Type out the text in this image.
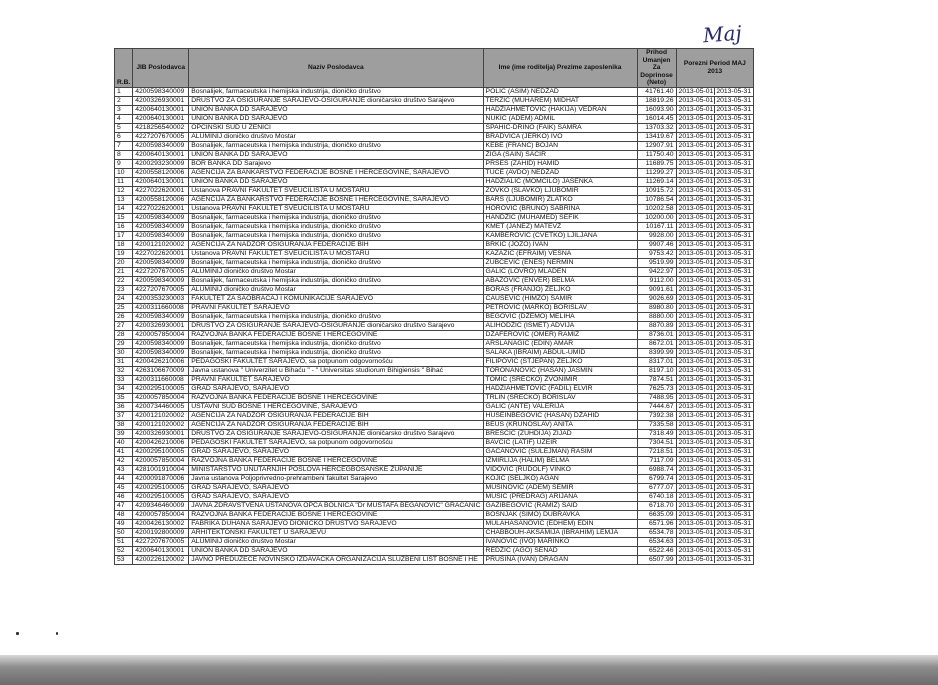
Maj
R.B.	JIB Poslodavca	Naziv Poslodavca	Ime (ime roditelja) Prezime zaposlenika	Prihod Umanjen Za Doprinose (Neto)	Porezni Period MAJ 2013
1	4200598340009	Bosnalijek, farmaceutska i hemijska industrija, dioničko društvo	POLIĆ (ASIM) NEDŽAD	41761.40	2013-05-01 2013-05-31
2	4200326930001	DRUŠTVO ZA OSIGURANJE SARAJEVO-OSIGURANJE dioničarsko društvo Sarajevo	TERZIĆ (MUHAREM) MIDHAT	18819.26	2013-05-01 2013-05-31
3	4200640130001	UNION BANKA DD SARAJEVO	HADŽIAHMETOVIĆ (HAKIJA) VEDRAN	16093.90	2013-05-01 2013-05-31
4	4200640130001	UNION BANKA DD SARAJEVO	NUKIĆ (ADEM) ADMIL	16014.45	2013-05-01 2013-05-31
5	4218256540002	OPĆINSKI SUD U ZENICI	SPAHIĆ-DRINO (FAIK) SAMRA	13703.32	2013-05-01 2013-05-31
6	4227207670005	ALUMINIJ dioničko društvo Mostar	BRADVICA (JERKO) IVO	13419.67	2013-05-01 2013-05-31
7	4200598340009	Bosnalijek, farmaceutska i hemijska industrija, dioničko društvo	KEBE (FRANC) BOJAN	12907.91	2013-05-01 2013-05-31
8	4200640130001	UNION BANKA DD SARAJEVO	ŽIGA (ŠAIN) ŠAĆIR	11750.40	2013-05-01 2013-05-31
9	4200293230009	BOR BANKA DD Sarajevo	PRŠEŠ (ZAHID) HAMID	11689.75	2013-05-01 2013-05-31
10	4200558120006	AGENCIJA ZA BANKARSTVO FEDERACIJE BOSNE I HERCEGOVINE, SARAJEVO	TUCE (AVDO) NEDŽAD	11299.27	2013-05-01 2013-05-31
11	4200640130001	UNION BANKA DD SARAJEVO	HADŽIALIĆ (MOMČILO) JASENKA	11269.14	2013-05-01 2013-05-31
12	4227022620001	Ustanova PRAVNI FAKULTET SVEUČILIŠTA U MOSTARU	ZOVKO (SLAVKO) LJUBOMIR	10915.72	2013-05-01 2013-05-31
13	4200558120006	AGENCIJA ZA BANKARSTVO FEDERACIJE BOSNE I HERCEGOVINE, SARAJEVO	BARŠ (LJUBOMIR) ZLATKO	10786.54	2013-05-01 2013-05-31
14	4227022620001	Ustanova PRAVNI FAKULTET SVEUČILIŠTA U MOSTARU	HOROVIĆ (BRUNO) SABRINA	10202.58	2013-05-01 2013-05-31
15	4200598340009	Bosnalijek, farmaceutska i hemijska industrija, dioničko društvo	HANDŽIĆ (MUHAMED) ŠEFIK	10200.00	2013-05-01 2013-05-31
16	4200598340009	Bosnalijek, farmaceutska i hemijska industrija, dioničko društvo	KMET (JANEZ) MATEVŽ	10167.11	2013-05-01 2013-05-31
17	4200598340009	Bosnalijek, farmaceutska i hemijska industrija, dioničko društvo	KAMBEROVIĆ (CVETKO) LJILJANA	9928.00	2013-05-01 2013-05-31
18	4200121020002	AGENCIJA ZA NADZOR OSIGURANJA FEDERACIJE BIH	BRKIĆ (JOZO) IVAN	9907.46	2013-05-01 2013-05-31
19	4227022620001	Ustanova PRAVNI FAKULTET SVEUČILIŠTA U MOSTARU	KAZAZIĆ (EFRAIM) VESNA	9753.42	2013-05-01 2013-05-31
20	4200598340009	Bosnalijek, farmaceutska i hemijska industrija, dioničko društvo	ZUBČEVIĆ (ENES) NERMIN	9519.99	2013-05-01 2013-05-31
21	4227207670005	ALUMINIJ dioničko društvo Mostar	GALIĆ (LOVRO) MLADEN	9422.97	2013-05-01 2013-05-31
22	4200598340009	Bosnalijek, farmaceutska i hemijska industrija, dioničko društvo	ABAZOVIĆ (ENVER) BELMA	9112.00	2013-05-01 2013-05-31
23	4227207670005	ALUMINIJ dioničko društvo Mostar	BORAS (FRANJO) ŽELJKO	9091.61	2013-05-01 2013-05-31
24	4200353230003	FAKULTET ZA SAOBRAĆAJ I KOMUNIKACIJE SARAJEVO	ĆAUŠEVIĆ (HIMZO) SAMIR	9026.69	2013-05-01 2013-05-31
25	4200311660008	PRAVNI FAKULTET SARAJEVO	PETROVIĆ (MARKO) BORISLAV	8980.80	2013-05-01 2013-05-31
26	4200598340009	Bosnalijek, farmaceutska i hemijska industrija, dioničko društvo	BEGOVIĆ (DŽEMO) MELIHA	8880.00	2013-05-01 2013-05-31
27	4200326930001	DRUŠTVO ZA OSIGURANJE SARAJEVO-OSIGURANJE dioničarsko društvo Sarajevo	ALIHODŽIĆ (ISMET) ADVIJA	8870.89	2013-05-01 2013-05-31
28	4200057850004	RAZVOJNA BANKA FEDERACIJE BOSNE I HERCEGOVINE	DŽAFEROVIĆ (OMER) RAMIZ	8736.01	2013-05-01 2013-05-31
29	4200598340009	Bosnalijek, farmaceutska i hemijska industrija, dioničko društvo	ARSLANAGIĆ (EDIN) AMAR	8672.01	2013-05-01 2013-05-31
30	4200598340009	Bosnalijek, farmaceutska i hemijska industrija, dioničko društvo	ŠALAKA (IBRAIM) ABDUL-UMID	8399.99	2013-05-01 2013-05-31
31	4200426210006	PEDAGOŠKI FAKULTET SARAJEVO, sa potpunom odgovornošću	FILIPOVIĆ (STJEPAN) ŽELJKO	8317.01	2013-05-01 2013-05-31
32	4263106670009	Javna ustanova " Univerzitet u Bihaću " - " Universitas studiorum Bihigiensis " Bihać	TORONANOVIĆ (HASAN) JASMIN	8197.10	2013-05-01 2013-05-31
33	4200311660008	PRAVNI FAKULTET SARAJEVO	TOMIĆ (SREĆKO) ZVONIMIR	7874.51	2013-05-01 2013-05-31
34	4200295100005	GRAD SARAJEVO, SARAJEVO	HADŽIAHMETOVIĆ (FADIL) ELVIR	7625.73	2013-05-01 2013-05-31
35	4200057850004	RAZVOJNA BANKA FEDERACIJE BOSNE I HERCEGOVINE	TRLIN (SREĆKO) BORISLAV	7488.95	2013-05-01 2013-05-31
36	4200734460005	USTAVNI SUD BOSNE I HERCEGOVINE, SARAJEVO	GALIĆ (ANTE) VALERIJA	7444.67	2013-05-01 2013-05-31
37	4200121020002	AGENCIJA ZA NADZOR OSIGURANJA FEDERACIJE BIH	HUSEINBEGOVIĆ (HASAN) DŽAHID	7392.38	2013-05-01 2013-05-31
38	4200121020002	AGENCIJA ZA NADZOR OSIGURANJA FEDERACIJE BIH	BEUS (KRUNOSLAV) ANITA	7335.58	2013-05-01 2013-05-31
39	4200326930001	DRUŠTVO ZA OSIGURANJE SARAJEVO-OSIGURANJE dioničarsko društvo Sarajevo	BREŠČIĆ (ZUHDIJA) ZIJAD	7318.49	2013-05-01 2013-05-31
40	4200426210006	PEDAGOŠKI FAKULTET SARAJEVO, sa potpunom odgovornošću	BAVČIĆ (LATIF) UZEIR	7304.51	2013-05-01 2013-05-31
41	4200295100005	GRAD SARAJEVO, SARAJEVO	GAČANOVIĆ (SULEJMAN) RASIM	7218.51	2013-05-01 2013-05-31
42	4200057850004	RAZVOJNA BANKA FEDERACIJE BOSNE I HERCEGOVINE	IZMIRLIJA (HALIM) BELMA	7117.09	2013-05-01 2013-05-31
43	4281001910004	MINISTARSTVO UNUTARNJIH POSLOVA HERCEGBOSANSKE ŽUPANIJE	VIDOVIĆ (RUDOLF) VINKO	6988.74	2013-05-01 2013-05-31
44	4200091870006	Javna ustanova Poljoprivredno-prehrambeni fakultet Sarajevo	KOJIĆ (ŠELJKO) AGAN	6799.74	2013-05-01 2013-05-31
45	4200295100005	GRAD SARAJEVO, SARAJEVO	MUŠINOVIĆ (ADEM) SEMIR	6777.07	2013-05-01 2013-05-31
46	4200295100005	GRAD SARAJEVO, SARAJEVO	MUSIĆ (PREDRAG) ARIJANA	6740.18	2013-05-01 2013-05-31
47	4209346460009	JAVNA ZDRAVSTVENA USTANOVA OPĆA BOLNICA "Dr MUSTAFA BEGANOVIĆ" GRAČANIC	GAZIBEGOVIĆ (RAMIZ) SAID	6718.70	2013-05-01 2013-05-31
48	4200057850004	RAZVOJNA BANKA FEDERACIJE BOSNE I HERCEGOVINE	BOŠNJAK (ŠIMO) DUBRAVKA	6635.09	2013-05-01 2013-05-31
49	4200426130002	FABRIKA DUHANA SARAJEVO DIONIČKO DRUŠTVO SARAJEVO	MULAHASANOVIĆ (EDHEM) EDIN	6571.96	2013-05-01 2013-05-31
50	4200192800009	ARHITEKTONSKI FAKULTET U SARAJEVU	CHABBOUH-AKŠAMIJA (IBRAHIM) LEMJA	6534.78	2013-05-01 2013-05-31
51	4227207670005	ALUMINIJ dioničko društvo Mostar	IVANOVIĆ (IVO) MARINKO	6534.63	2013-05-01 2013-05-31
52	4200640130001	UNION BANKA DD SARAJEVO	REDŽIĆ (AGO) SENAD	6522.46	2013-05-01 2013-05-31
53	4200226120002	JAVNO PREDUZEĆE NOVINSKO IZDAVAČKA ORGANIZACIJA SLUŽBENI LIST BOSNE I HE	PRUSINA (IVAN) DRAGAN	6507.99	2013-05-01 2013-05-31
